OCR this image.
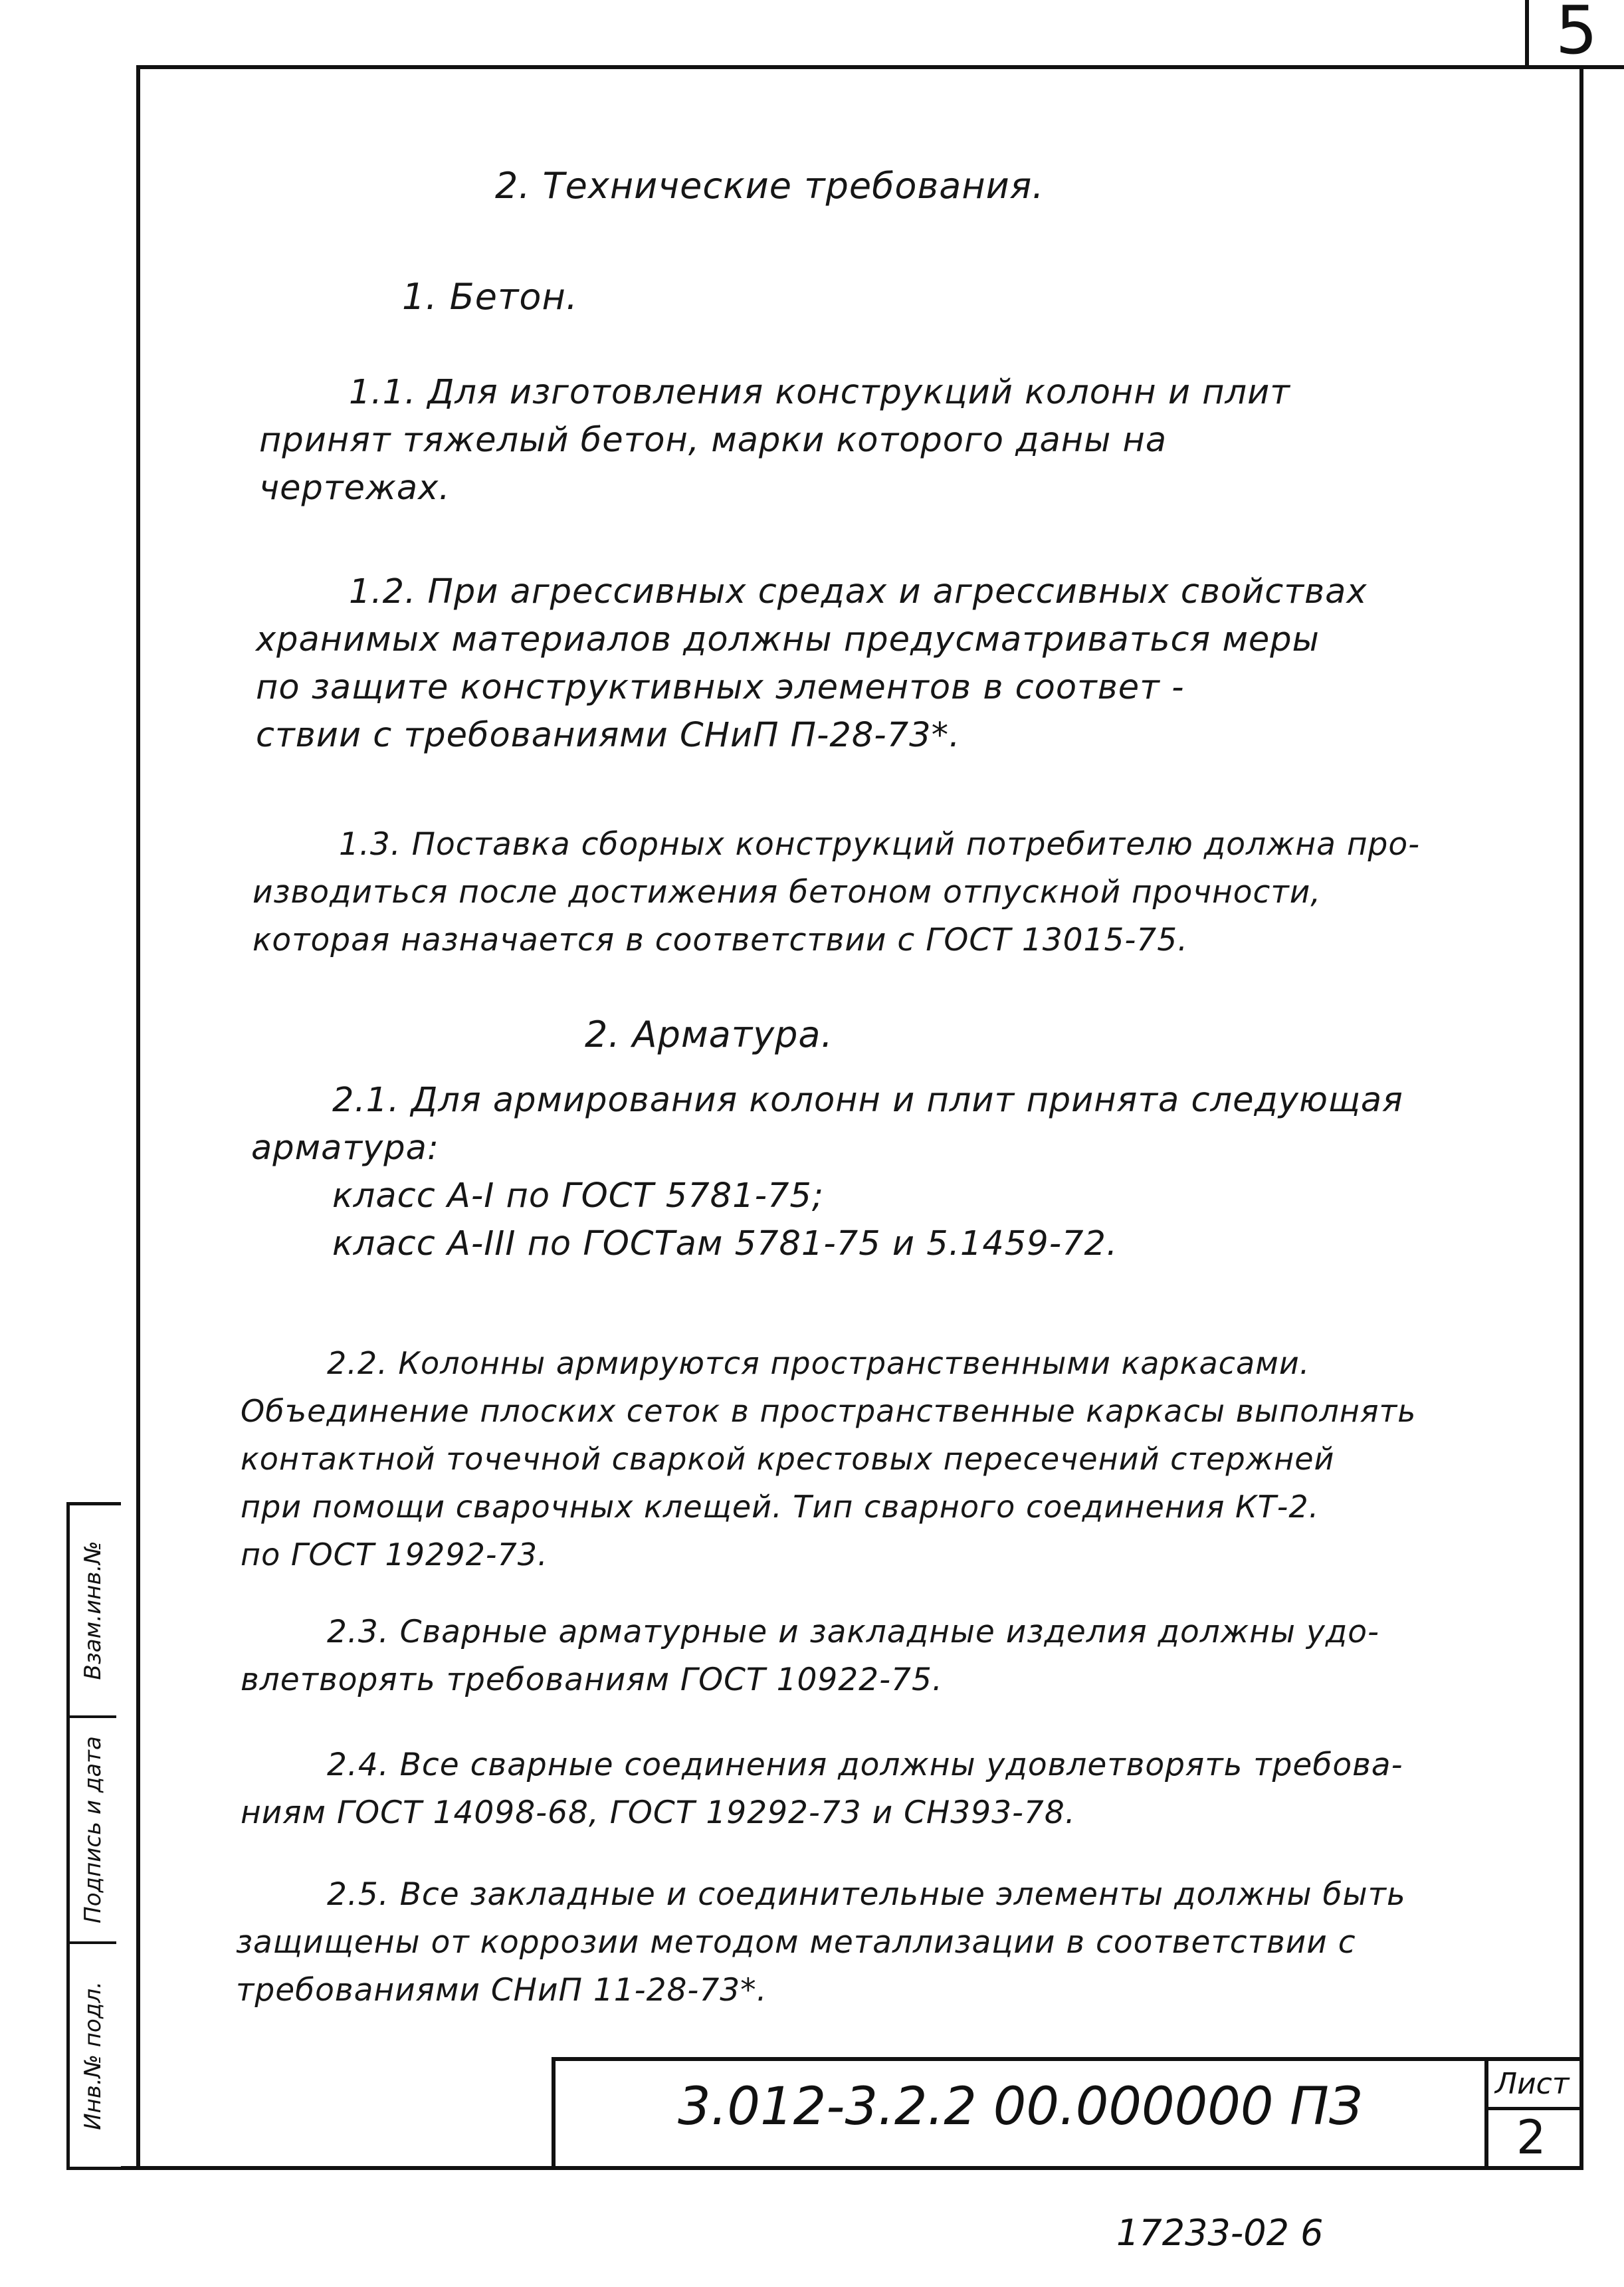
5
2. Технические требования.
1. Бетон.
1.1. Для изготовления конструкций колонн и плит
принят тяжелый бетон, марки которого даны на
чертежах.
1.2. При агрессивных средах и агрессивных свойствах
хранимых материалов должны предусматриваться меры
по защите конструктивных элементов в соответ -
ствии с требованиями СНиП П-28-73*.
1.3. Поставка сборных конструкций потребителю должна про-
изводиться после достижения бетоном отпускной прочности,
которая назначается в соответствии с ГОСТ 13015-75.
2. Арматура.
2.1. Для армирования колонн и плит принята следующая
арматура:
класс А-I по ГОСТ 5781-75;
класс А-III по ГОСТам 5781-75 и 5.1459-72.
2.2. Колонны армируются пространственными каркасами.
Объединение плоских сеток в пространственные каркасы выполнять
контактной точечной сваркой крестовых пересечений стержней
при помощи сварочных клещей. Тип сварного соединения КТ-2.
по ГОСТ 19292-73.
2.3. Сварные арматурные и закладные изделия должны удо-
влетворять требованиям ГОСТ 10922-75.
2.4. Все сварные соединения должны удовлетворять требова-
ниям ГОСТ 14098-68, ГОСТ 19292-73 и СН393-78.
2.5. Все закладные и соединительные элементы должны быть
защищены от коррозии методом металлизации в соответствии с
требованиями СНиП 11-28-73*.
Взам.инв.№
Подпись и дата
Инв.№ подл.	3.012-3.2.2 00.000000 ПЗ	Лист
2
17233-02 6
